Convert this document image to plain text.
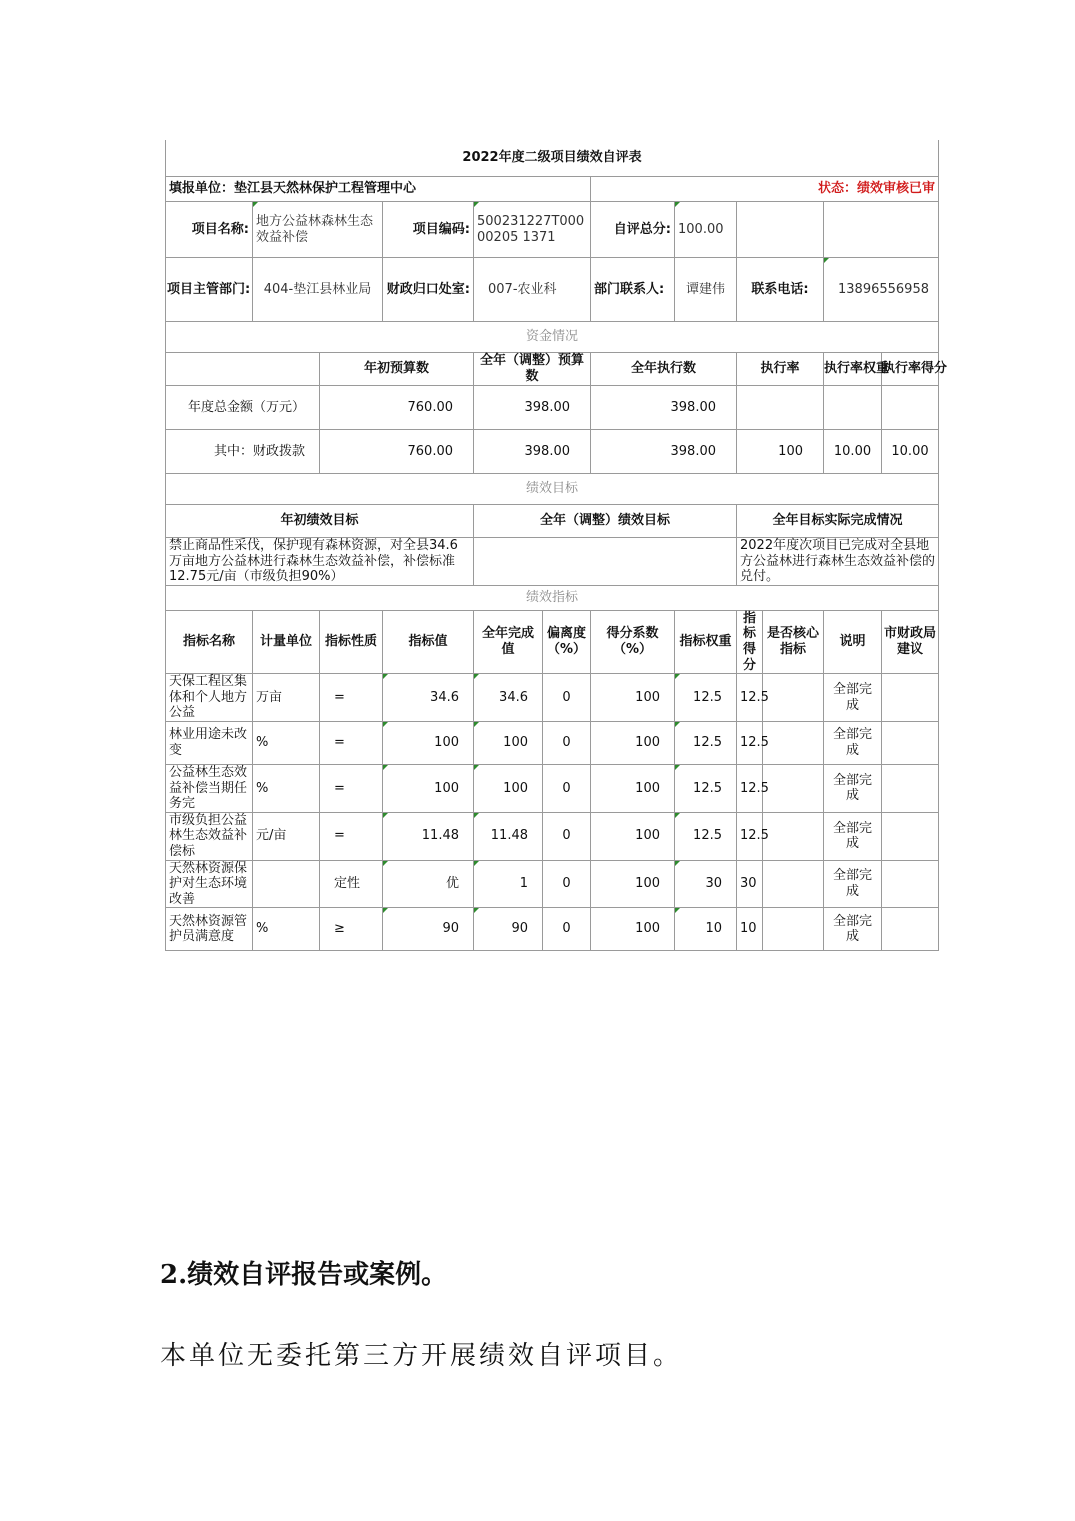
2022年度二级项目绩效自评表											
填报单位：垫江县天然林保护工程管理中心						状态：绩效审核已审					
项目名称:	地方公益林森林生态效益补偿		项目编码:	500231227T00000205 1371		自评总分:	100.00				
项目主管部门:	404-垫江县林业局		财政归口处室:	007-农业科		部门联系人:	谭建伟	联系电话:		13896556958	
资金情况											
		年初预算数		全年（调整）预算数		全年执行数		执行率		执行率权重	执行率得分
年度总金额（万元）		760.00		398.00		398.00					
其中：财政拨款		760.00		398.00		398.00		100		10.00	10.00
绩效目标											
年初绩效目标				全年（调整）绩效目标				全年目标实际完成情况			
禁止商品性采伐，保护现有森林资源，对全县34.6万亩地方公益林进行森林生态效益补偿，补偿标准12.75元/亩（市级负担90%）								2022年度次项目已完成对全县地方公益林进行森林生态效益补偿的兑付。			
绩效指标											
指标名称	计量单位	指标性质	指标值	全年完成值	偏离度（%）	得分系数（%）	指标权重	指标得分	是否核心指标	说明	市财政局建议
天保工程区集体和个人地方公益	万亩	=	34.6	34.6	0	100	12.5	12.5		全部完成	
林业用途未改变	%	=	100	100	0	100	12.5	12.5		全部完成	
公益林生态效益补偿当期任务完	%	=	100	100	0	100	12.5	12.5		全部完成	
市级负担公益林生态效益补偿标	元/亩	=	11.48	11.48	0	100	12.5	12.5		全部完成	
天然林资源保护对生态环境改善		定性	优	1	0	100	30	30		全部完成	
天然林资源管护员满意度	%	≥	90	90	0	100	10	10		全部完成	
2.绩效自评报告或案例。
本单位无委托第三方开展绩效自评项目。
